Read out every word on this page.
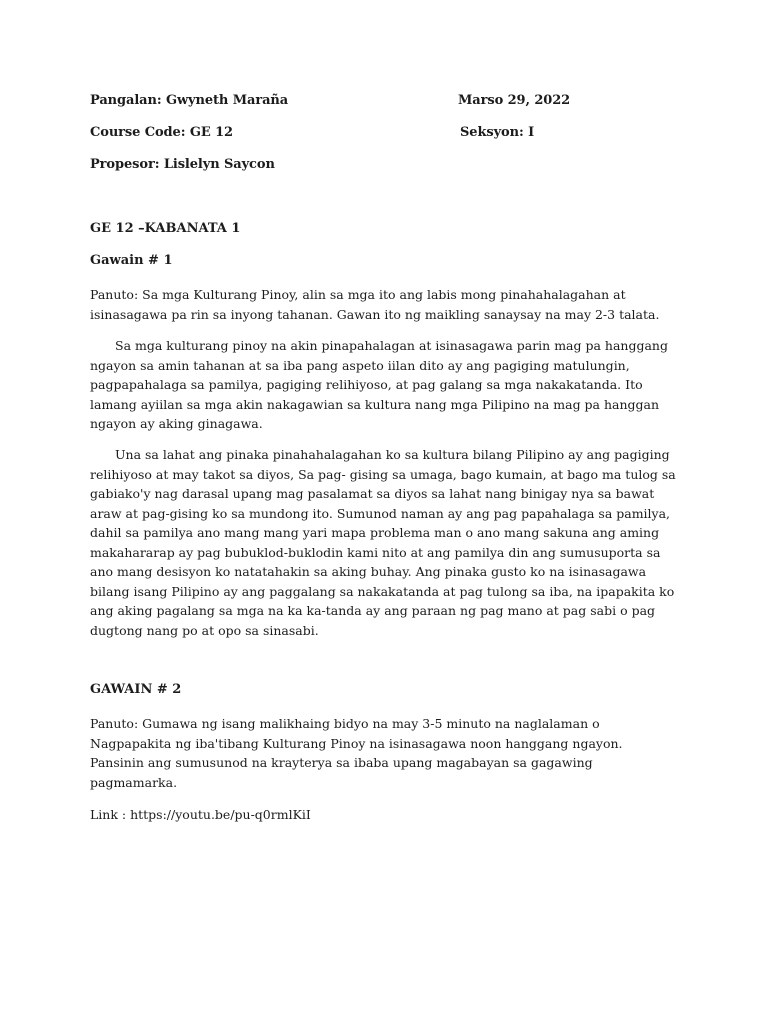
Pangalan: Gwyneth Maraña	Marso 29, 2022
Course Code: GE 12	Seksyon: I
Propesor: Lislelyn Saycon
GE 12 –KABANATA 1
Gawain # 1
Panuto: Sa mga Kulturang Pinoy, alin sa mga ito ang labis mong pinahahalagahan at
isinasagawa pa rin sa inyong tahanan. Gawan ito ng maikling sanaysay na may 2-3 talata.
Sa mga kulturang pinoy na akin pinapahalagan at isinasagawa parin mag pa hanggang
ngayon sa amin tahanan at sa iba pang aspeto iilan dito ay ang pagiging matulungin,
pagpapahalaga sa pamilya, pagiging relihiyoso, at pag galang sa mga nakakatanda. Ito
lamang ayiilan sa mga akin nakagawian sa kultura nang mga Pilipino na mag pa hanggan
ngayon ay aking ginagawa.
Una sa lahat ang pinaka pinahahalagahan ko sa kultura bilang Pilipino ay ang pagiging
relihiyoso at may takot sa diyos, Sa pag- gising sa umaga, bago kumain, at bago ma tulog sa
gabiako'y nag darasal upang mag pasalamat sa diyos sa lahat nang binigay nya sa bawat
araw at pag-gising ko sa mundong ito. Sumunod naman ay ang pag papahalaga sa pamilya,
dahil sa pamilya ano mang mang yari mapa problema man o ano mang sakuna ang aming
makahararap ay pag bubuklod-buklodin kami nito at ang pamilya din ang sumusuporta sa
ano mang desisyon ko natatahakin sa aking buhay. Ang pinaka gusto ko na isinasagawa
bilang isang Pilipino ay ang paggalang sa nakakatanda at pag tulong sa iba, na ipapakita ko
ang aking pagalang sa mga na ka ka-tanda ay ang paraan ng pag mano at pag sabi o pag
dugtong nang po at opo sa sinasabi.
GAWAIN # 2
Panuto: Gumawa ng isang malikhaing bidyo na may 3-5 minuto na naglalaman o
Nagpapakita ng iba'tibang Kulturang Pinoy na isinasagawa noon hanggang ngayon.
Pansinin ang sumusunod na krayterya sa ibaba upang magabayan sa gagawing
pagmamarka.
Link : https://youtu.be/pu-q0rmlKiI
